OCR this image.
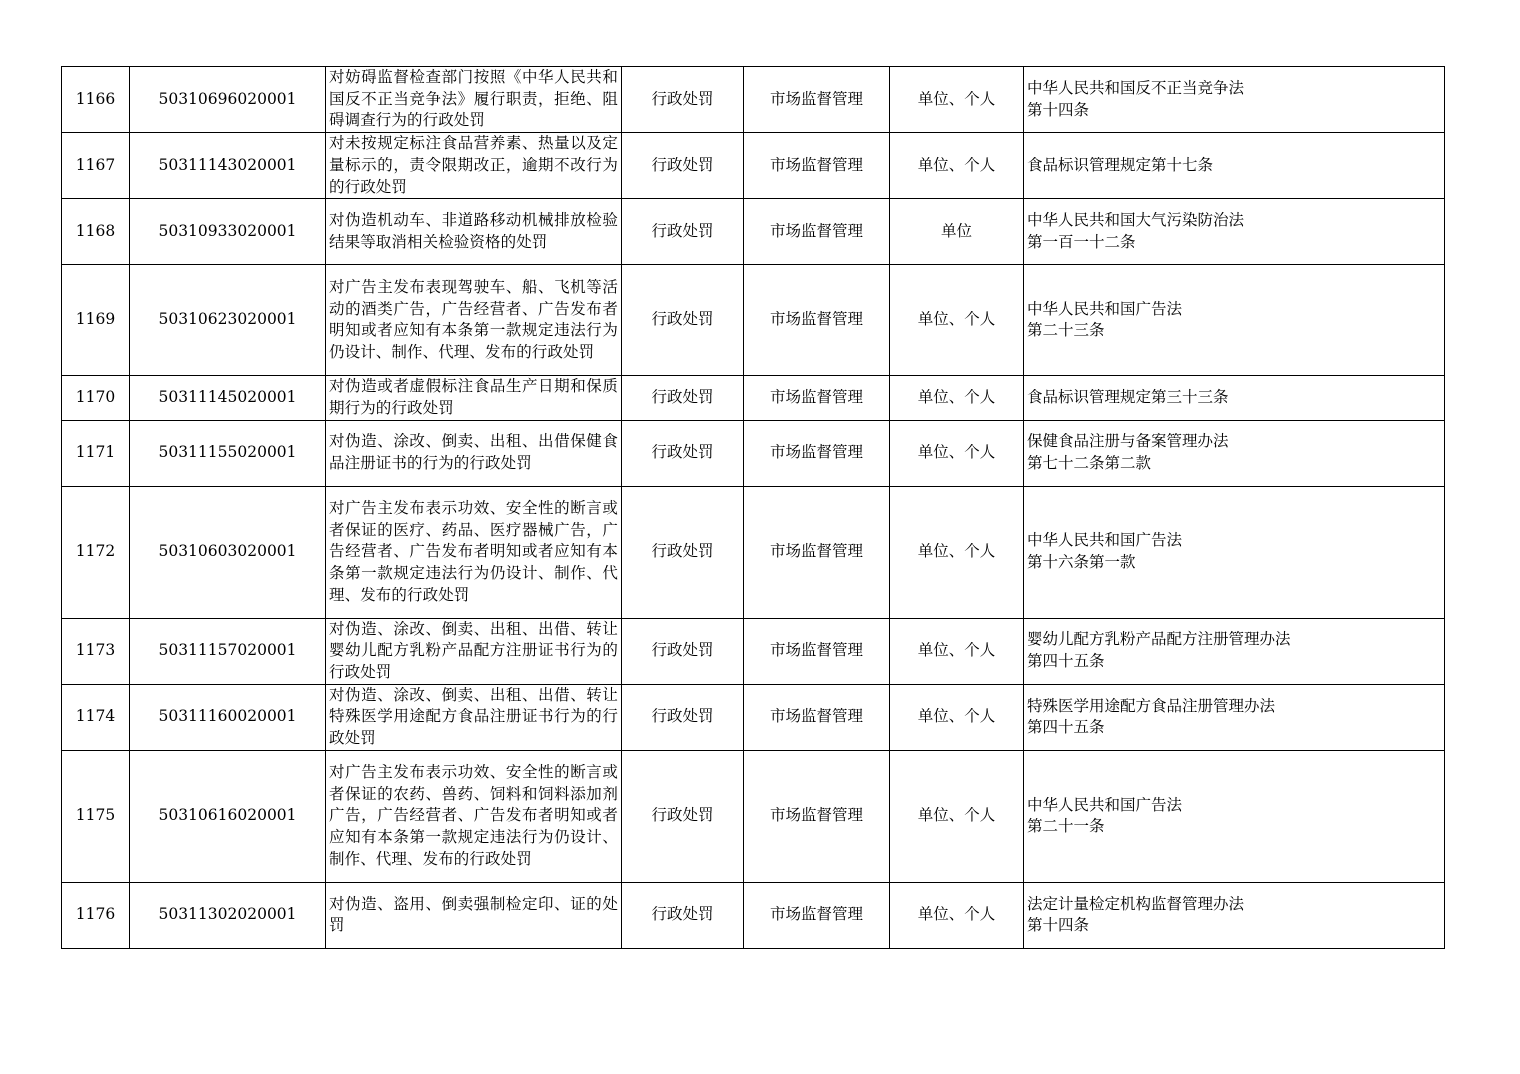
1166	50310696020001	对妨碍监督检查部门按照《中华人民共和国反不正当竞争法》履行职责，拒绝、阻碍调查行为的行政处罚	行政处罚	市场监督管理	单位、个人	中华人民共和国反不正当竞争法
第十四条

1167	50311143020001	对未按规定标注食品营养素、热量以及定量标示的，责令限期改正，逾期不改行为的行政处罚	行政处罚	市场监督管理	单位、个人	食品标识管理规定第十七条

1168	50310933020001	对伪造机动车、非道路移动机械排放检验结果等取消相关检验资格的处罚	行政处罚	市场监督管理	单位	中华人民共和国大气污染防治法
第一百一十二条

1169	50310623020001	对广告主发布表现驾驶车、船、飞机等活动的酒类广告，广告经营者、广告发布者明知或者应知有本条第一款规定违法行为仍设计、制作、代理、发布的行政处罚	行政处罚	市场监督管理	单位、个人	中华人民共和国广告法
第二十三条

1170	50311145020001	对伪造或者虚假标注食品生产日期和保质期行为的行政处罚	行政处罚	市场监督管理	单位、个人	食品标识管理规定第三十三条

1171	50311155020001	对伪造、涂改、倒卖、出租、出借保健食品注册证书的行为的行政处罚	行政处罚	市场监督管理	单位、个人	保健食品注册与备案管理办法
第七十二条第二款

1172	50310603020001	对广告主发布表示功效、安全性的断言或者保证的医疗、药品、医疗器械广告，广告经营者、广告发布者明知或者应知有本条第一款规定违法行为仍设计、制作、代理、发布的行政处罚	行政处罚	市场监督管理	单位、个人	中华人民共和国广告法
第十六条第一款

1173	50311157020001	对伪造、涂改、倒卖、出租、出借、转让婴幼儿配方乳粉产品配方注册证书行为的行政处罚	行政处罚	市场监督管理	单位、个人	婴幼儿配方乳粉产品配方注册管理办法
第四十五条

1174	50311160020001	对伪造、涂改、倒卖、出租、出借、转让特殊医学用途配方食品注册证书行为的行政处罚	行政处罚	市场监督管理	单位、个人	特殊医学用途配方食品注册管理办法
第四十五条

1175	50310616020001	对广告主发布表示功效、安全性的断言或者保证的农药、兽药、饲料和饲料添加剂广告，广告经营者、广告发布者明知或者应知有本条第一款规定违法行为仍设计、制作、代理、发布的行政处罚	行政处罚	市场监督管理	单位、个人	中华人民共和国广告法
第二十一条

1176	50311302020001	对伪造、盗用、倒卖强制检定印、证的处罚	行政处罚	市场监督管理	单位、个人	法定计量检定机构监督管理办法
第十四条
